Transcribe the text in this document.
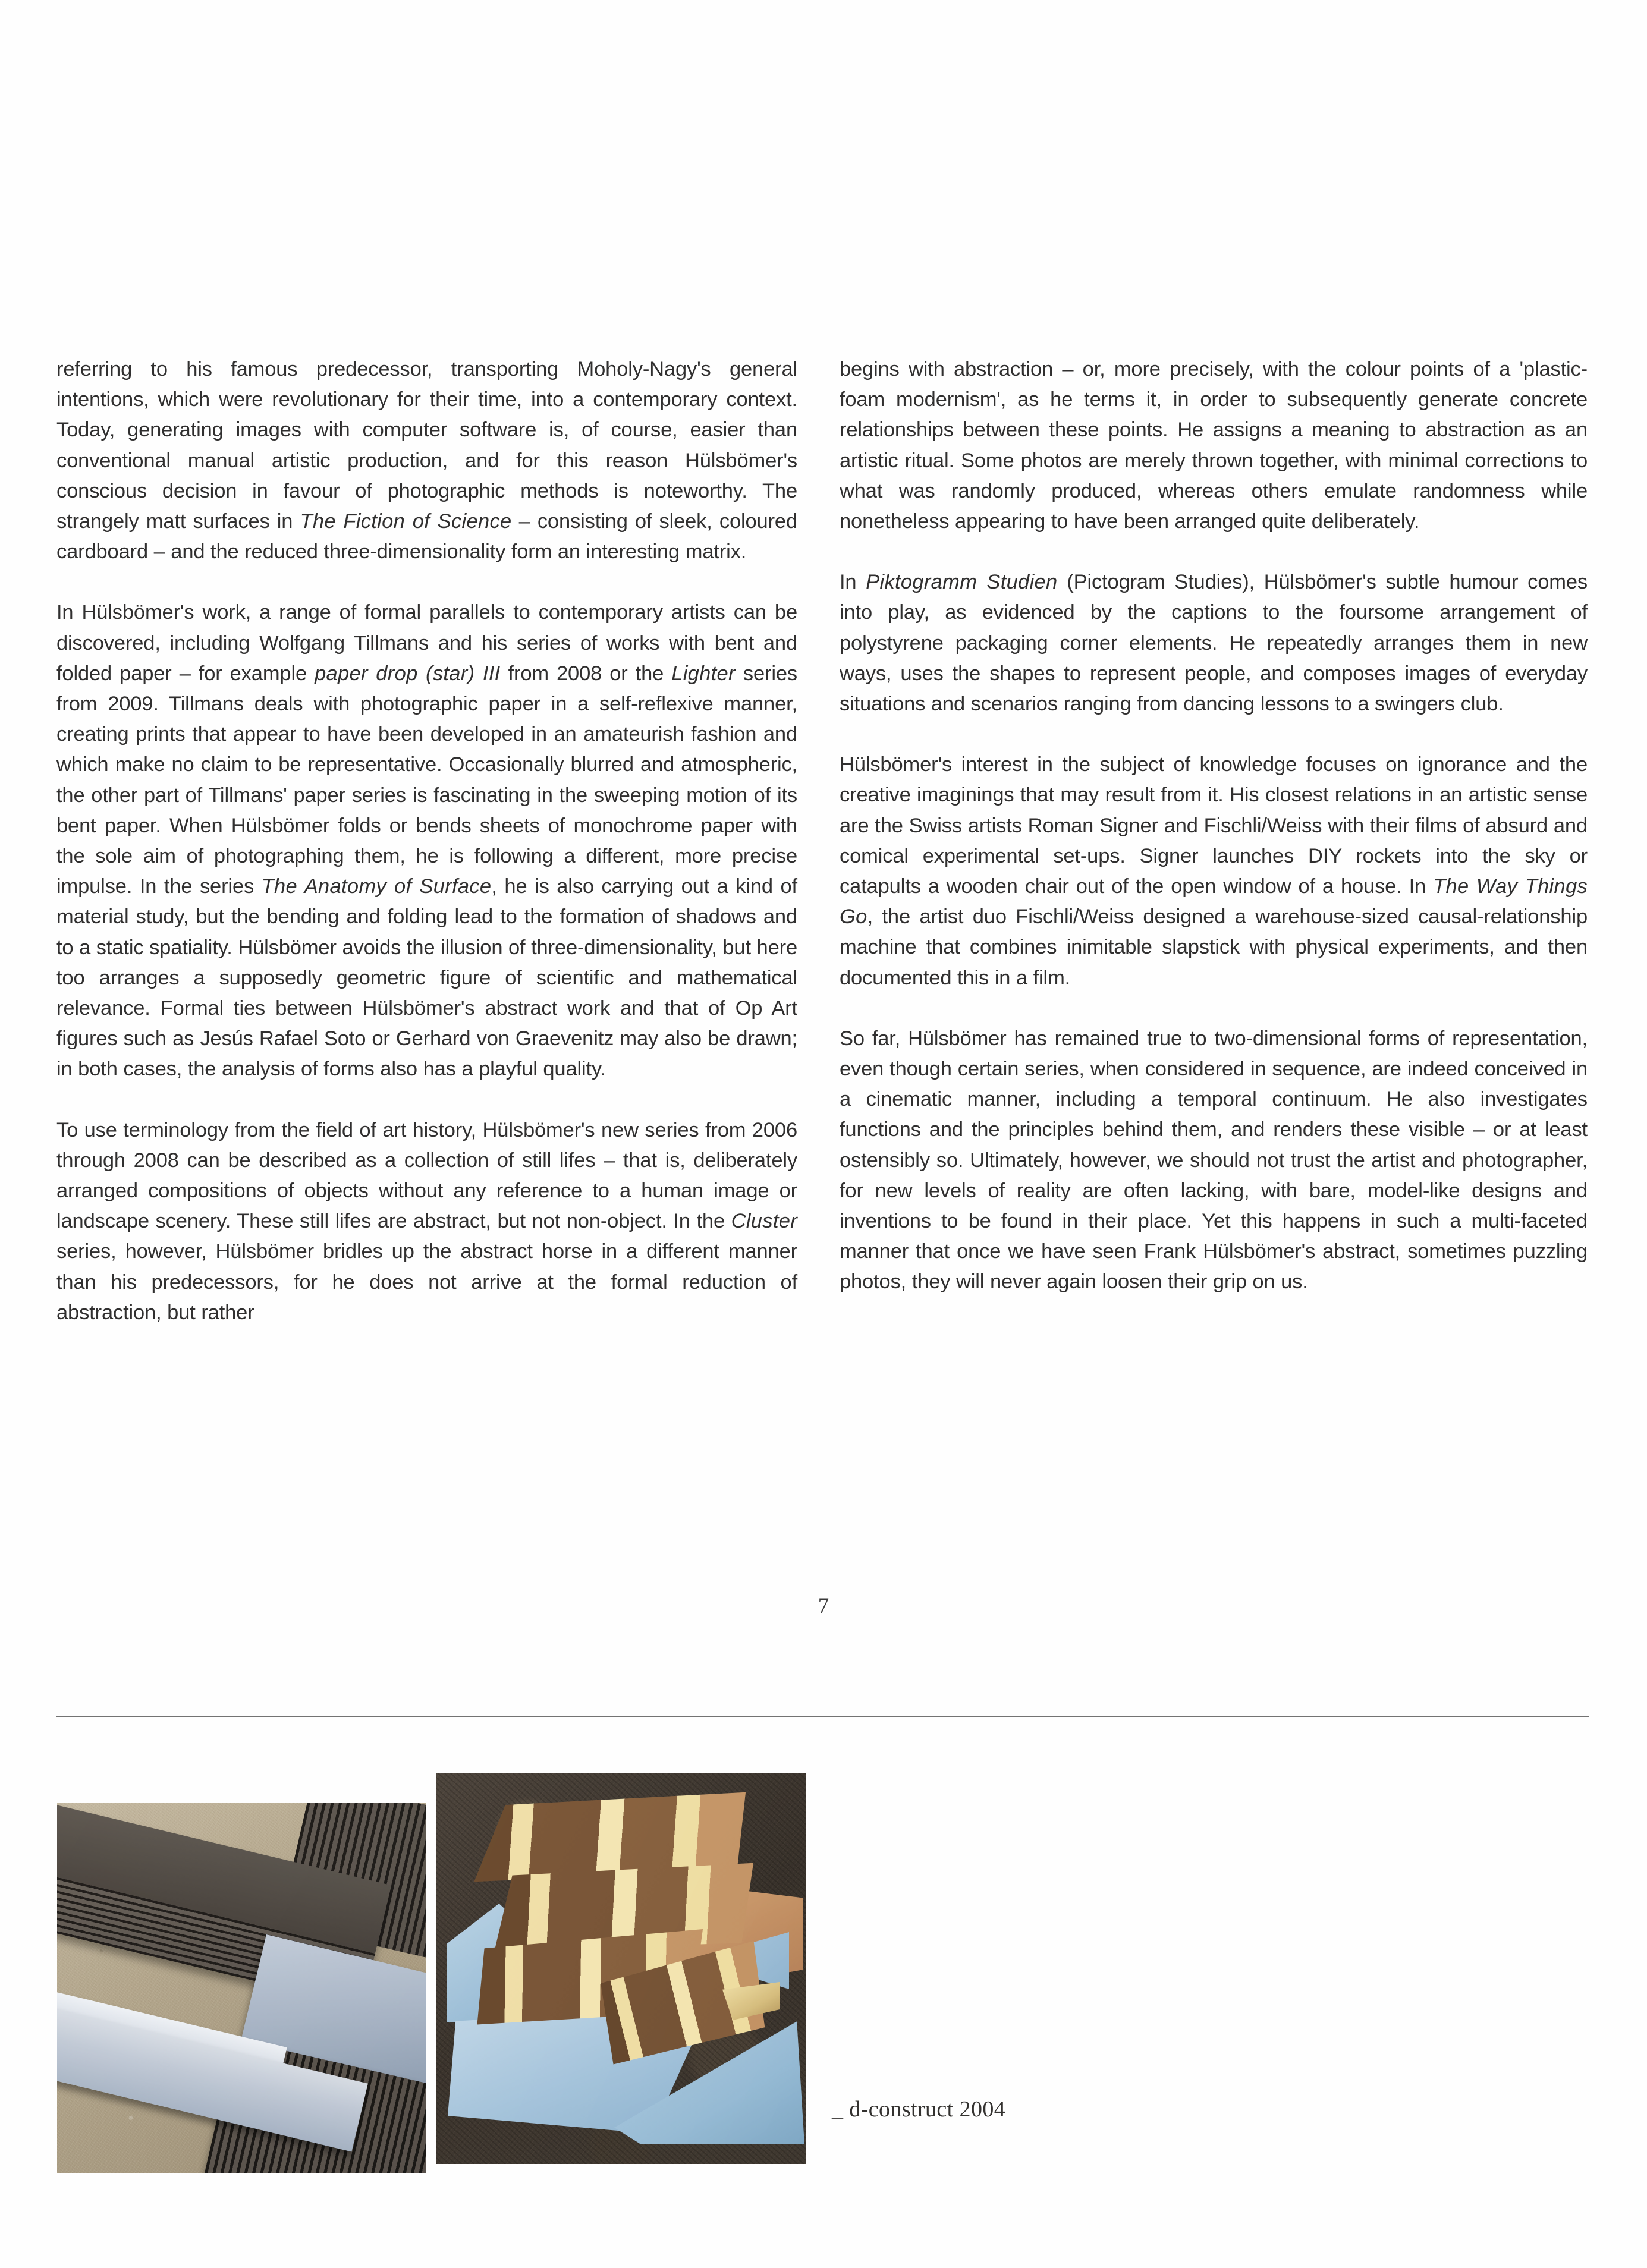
referring to his famous predecessor, transporting Moholy-Nagy's general intentions, which were revolutionary for their time, into a contemporary context. Today, generating images with computer software is, of course, easier than conventional manual artistic production, and for this reason Hülsbömer's conscious decision in favour of photographic methods is noteworthy. The strangely matt surfaces in The Fiction of Science – consisting of sleek, coloured cardboard – and the reduced three-dimensionality form an interesting matrix.

In Hülsbömer's work, a range of formal parallels to contemporary artists can be discovered, including Wolfgang Tillmans and his series of works with bent and folded paper – for example paper drop (star) III from 2008 or the Lighter series from 2009. Tillmans deals with photographic paper in a self-reflexive manner, creating prints that appear to have been developed in an amateurish fashion and which make no claim to be representative. Occasionally blurred and atmospheric, the other part of Tillmans' paper series is fascinating in the sweeping motion of its bent paper. When Hülsbömer folds or bends sheets of monochrome paper with the sole aim of photographing them, he is following a different, more precise impulse. In the series The Anatomy of Surface, he is also carrying out a kind of material study, but the bending and folding lead to the formation of shadows and to a static spatiality. Hülsbömer avoids the illusion of three-dimensionality, but here too arranges a supposedly geometric figure of scientific and mathematical relevance. Formal ties between Hülsbömer's abstract work and that of Op Art figures such as Jesús Rafael Soto or Gerhard von Graevenitz may also be drawn; in both cases, the analysis of forms also has a playful quality.

To use terminology from the field of art history, Hülsbömer's new series from 2006 through 2008 can be described as a collection of still lifes – that is, deliberately arranged compositions of objects without any reference to a human image or landscape scenery. These still lifes are abstract, but not non-object. In the Cluster series, however, Hülsbömer bridles up the abstract horse in a different manner than his predecessors, for he does not arrive at the formal reduction of abstraction, but rather

begins with abstraction – or, more precisely, with the colour points of a 'plastic-foam modernism', as he terms it, in order to subsequently generate concrete relationships between these points. He assigns a meaning to abstraction as an artistic ritual. Some photos are merely thrown together, with minimal corrections to what was randomly produced, whereas others emulate randomness while nonetheless appearing to have been arranged quite deliberately.

In Piktogramm Studien (Pictogram Studies), Hülsbömer's subtle humour comes into play, as evidenced by the captions to the foursome arrangement of polystyrene packaging corner elements. He repeatedly arranges them in new ways, uses the shapes to represent people, and composes images of everyday situations and scenarios ranging from dancing lessons to a swingers club.

Hülsbömer's interest in the subject of knowledge focuses on ignorance and the creative imaginings that may result from it. His closest relations in an artistic sense are the Swiss artists Roman Signer and Fischli/Weiss with their films of absurd and comical experimental set-ups. Signer launches DIY rockets into the sky or catapults a wooden chair out of the open window of a house. In The Way Things Go, the artist duo Fischli/Weiss designed a warehouse-sized causal-relationship machine that combines inimitable slapstick with physical experiments, and then documented this in a film.

So far, Hülsbömer has remained true to two-dimensional forms of representation, even though certain series, when considered in sequence, are indeed conceived in a cinematic manner, including a temporal continuum. He also investigates functions and the principles behind them, and renders these visible – or at least ostensibly so. Ultimately, however, we should not trust the artist and photographer, for new levels of reality are often lacking, with bare, model-like designs and inventions to be found in their place. Yet this happens in such a multi-faceted manner that once we have seen Frank Hülsbömer's abstract, sometimes puzzling photos, they will never again loosen their grip on us.

7
_ d-construct 2004
